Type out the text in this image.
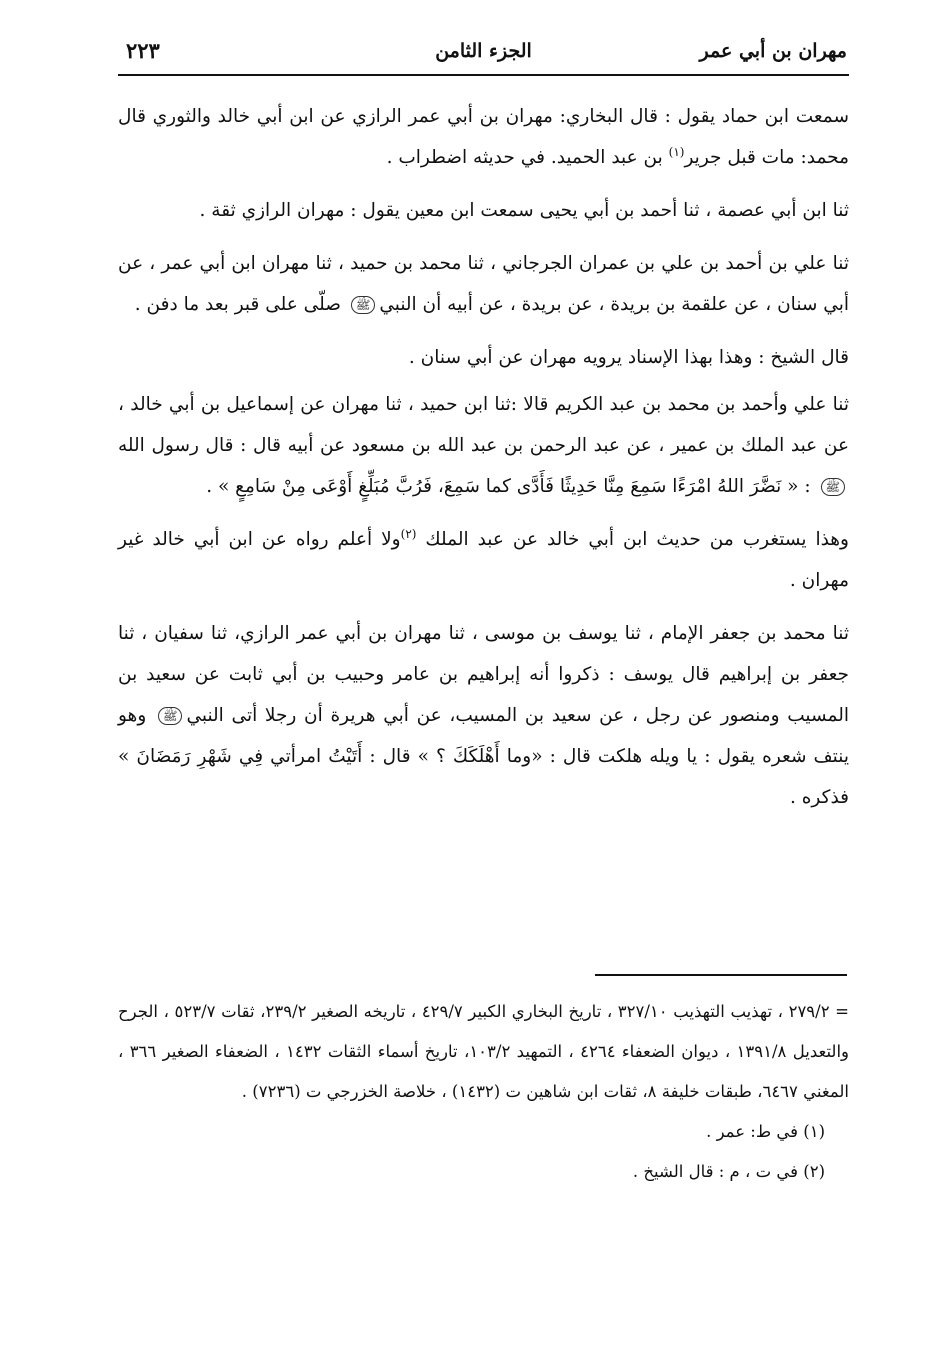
مهران بن أبي عمر
الجزء الثامن
٢٢٣

سمعت ابن حماد يقول : قال البخاري: مهران بن أبي عمر الرازي عن ابن أبي خالد والثوري قال محمد: مات قبل جرير$^{(١)}$ بن عبد الحميد. في حديثه اضطراب .

ثنا ابن أبي عصمة ، ثنا أحمد بن أبي يحيى سمعت ابن معين يقول : مهران الرازي ثقة .

ثنا علي بن أحمد بن علي بن عمران الجرجاني ، ثنا محمد بن حميد ، ثنا مهران ابن أبي عمر ، عن أبي سنان ، عن علقمة بن بريدة ، عن بريدة ، عن أبيه أن النبيﷺ صلّى على قبر بعد ما دفن .

قال الشيخ : وهذا بهذا الإسناد يرويه مهران عن أبي سنان .

ثنا علي وأحمد بن محمد بن عبد الكريم قالا :ثنا ابن حميد ، ثنا مهران عن إسماعيل بن أبي خالد ، عن عبد الملك بن عمير ، عن عبد الرحمن بن عبد الله بن مسعود عن أبيه قال : قال رسول اللهﷺ : « نَضَّرَ اللهُ امْرَءًا سَمِعَ مِنَّا حَدِيثًا فَأَدَّى كما سَمِعَ، فَرُبَّ مُبَلِّغٍ أَوْعَى مِنْ سَامِعٍ » .

وهذا يستغرب من حديث ابن أبي خالد عن عبد الملك $^{(٢)}$ولا أعلم رواه عن ابن أبي خالد غير مهران .

ثنا محمد بن جعفر الإمام ، ثنا يوسف بن موسى ، ثنا مهران بن أبي عمر الرازي، ثنا سفيان ، ثنا جعفر بن إبراهيم قال يوسف : ذكروا أنه إبراهيم بن عامر وحبيب بن أبي ثابت عن سعيد بن المسيب ومنصور عن رجل ، عن سعيد بن المسيب، عن أبي هريرة أن رجلا أتى النبيﷺ وهو ينتف شعره يقول : يا ويله هلكت قال : «وما أَهْلَكَكَ ؟ » قال : أَتَيْتُ امرأتي فِي شَهْرِ رَمَضَانَ » فذكره .

= ٢٧٩/٢ ، تهذيب التهذيب ٣٢٧/١٠ ، تاريخ البخاري الكبير ٤٢٩/٧ ، تاريخه الصغير ٢٣٩/٢، ثقات ٥٢٣/٧ ، الجرح والتعديل ١٣٩١/٨ ، ديوان الضعفاء ٤٢٦٤ ، التمهيد ١٠٣/٢، تاريخ أسماء الثقات ١٤٣٢ ، الضعفاء الصغير ٣٦٦ ، المغني ٦٤٦٧، طبقات خليفة ٨، ثقات ابن شاهين ت (١٤٣٢) ، خلاصة الخزرجي ت (٧٢٣٦) .

(١) في ط: عمر .

(٢) في ت ، م : قال الشيخ .
